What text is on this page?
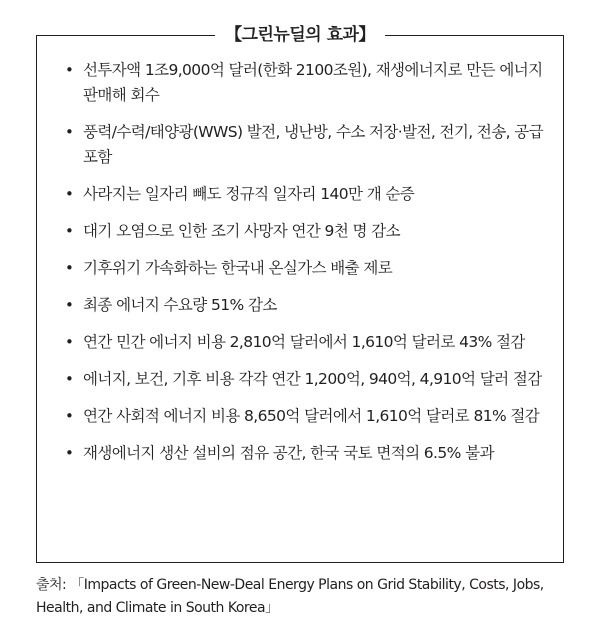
【그린뉴딜의 효과】
• 선투자액 1조9,000억 달러(한화 2100조원), 재생에너지로 만든 에너지 판매해 회수
• 풍력/수력/태양광(WWS) 발전, 냉난방, 수소 저장·발전, 전기, 전송, 공급 포함
• 사라지는 일자리 빼도 정규직 일자리 140만 개 순증
• 대기 오염으로 인한 조기 사망자 연간 9천 명 감소
• 기후위기 가속화하는 한국내 온실가스 배출 제로
• 최종 에너지 수요량 51% 감소
• 연간 민간 에너지 비용 2,810억 달러에서 1,610억 달러로 43% 절감
• 에너지, 보건, 기후 비용 각각 연간 1,200억, 940억, 4,910억 달러 절감
• 연간 사회적 에너지 비용 8,650억 달러에서 1,610억 달러로 81% 절감
• 재생에너지 생산 설비의 점유 공간, 한국 국토 면적의 6.5% 불과
출처: 「Impacts of Green-New-Deal Energy Plans on Grid Stability, Costs, Jobs, Health, and Climate in South Korea」
